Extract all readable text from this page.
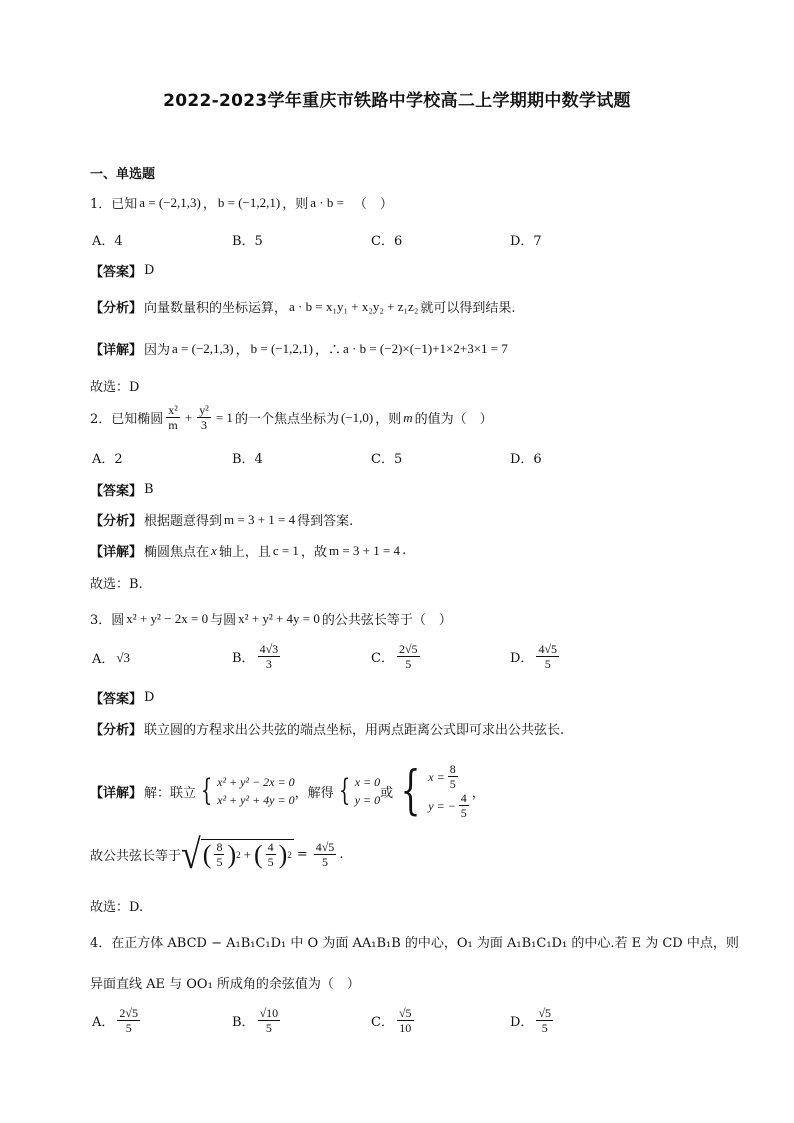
2022-2023学年重庆市铁路中学校高二上学期期中数学试题
一、单选题
1．已知 a = (−2,1,3) ， b = (−1,2,1) ，则 a · b = （　）
A．4	B．5	C．6	D．7
【答案】 D
【分析】 向量数量积的坐标运算， a · b = x₁y₁ + x₂y₂ + z₁z₂ 就可以得到结果.
【详解】 因为 a = (−2,1,3) ， b = (−1,2,1) ，∴ a · b = (−2)×(−1)+1×2+3×1 = 7
故选：D
2．已知椭圆 $\frac{\text{x²}}{m} + \frac{\text{y²}}{3} = 1$ 的一个焦点坐标为 (−1,0) ，则 m 的值为（　）
A．2	B．4	C．5	D．6
【答案】 B
【分析】 根据题意得到 m = 3 + 1 = 4 得到答案.
【详解】 椭圆焦点在 x 轴上，且 c = 1 ，故 m = 3 + 1 = 4 .
故选：B.
3．圆 x² + y² − 2x = 0 与圆 x² + y² + 4y = 0 的公共弦长等于（　）
A． √3	B． $\frac{4√3}{3}$	C． $\frac{2√5}{5}$	D． $\frac{4√5}{5}$
【答案】 D
【分析】 联立圆的方程求出公共弦的端点坐标，用两点距离公式即可求出公共弦长.
【详解】 解：联立 { x² + y² − 2x = 0
x² + y² + 4y = 0 ，解得 { x = 0
y = 0 或 { $x = \frac{8}{5}$
y = − $\frac{4}{5}$ ，
故公共弦长等于 √ ( $\frac{8}{5}$ ) 2 + ( $\frac{4}{5}$ ) $2 = \frac{4√5}{5}$ .
故选：D.
4．在正方体 ABCD − A₁B₁C₁D₁ 中 O 为面 AA₁B₁B 的中心，O₁ 为面 A₁B₁C₁D₁ 的中心.若 E 为 CD 中点，则
异面直线 AE 与 OO₁ 所成角的余弦值为（　）
A． $\frac{2√5}{5}$	B． $\frac{√10}{5}$	C． $\frac{√5}{10}$	D． $\frac{√5}{5}$
